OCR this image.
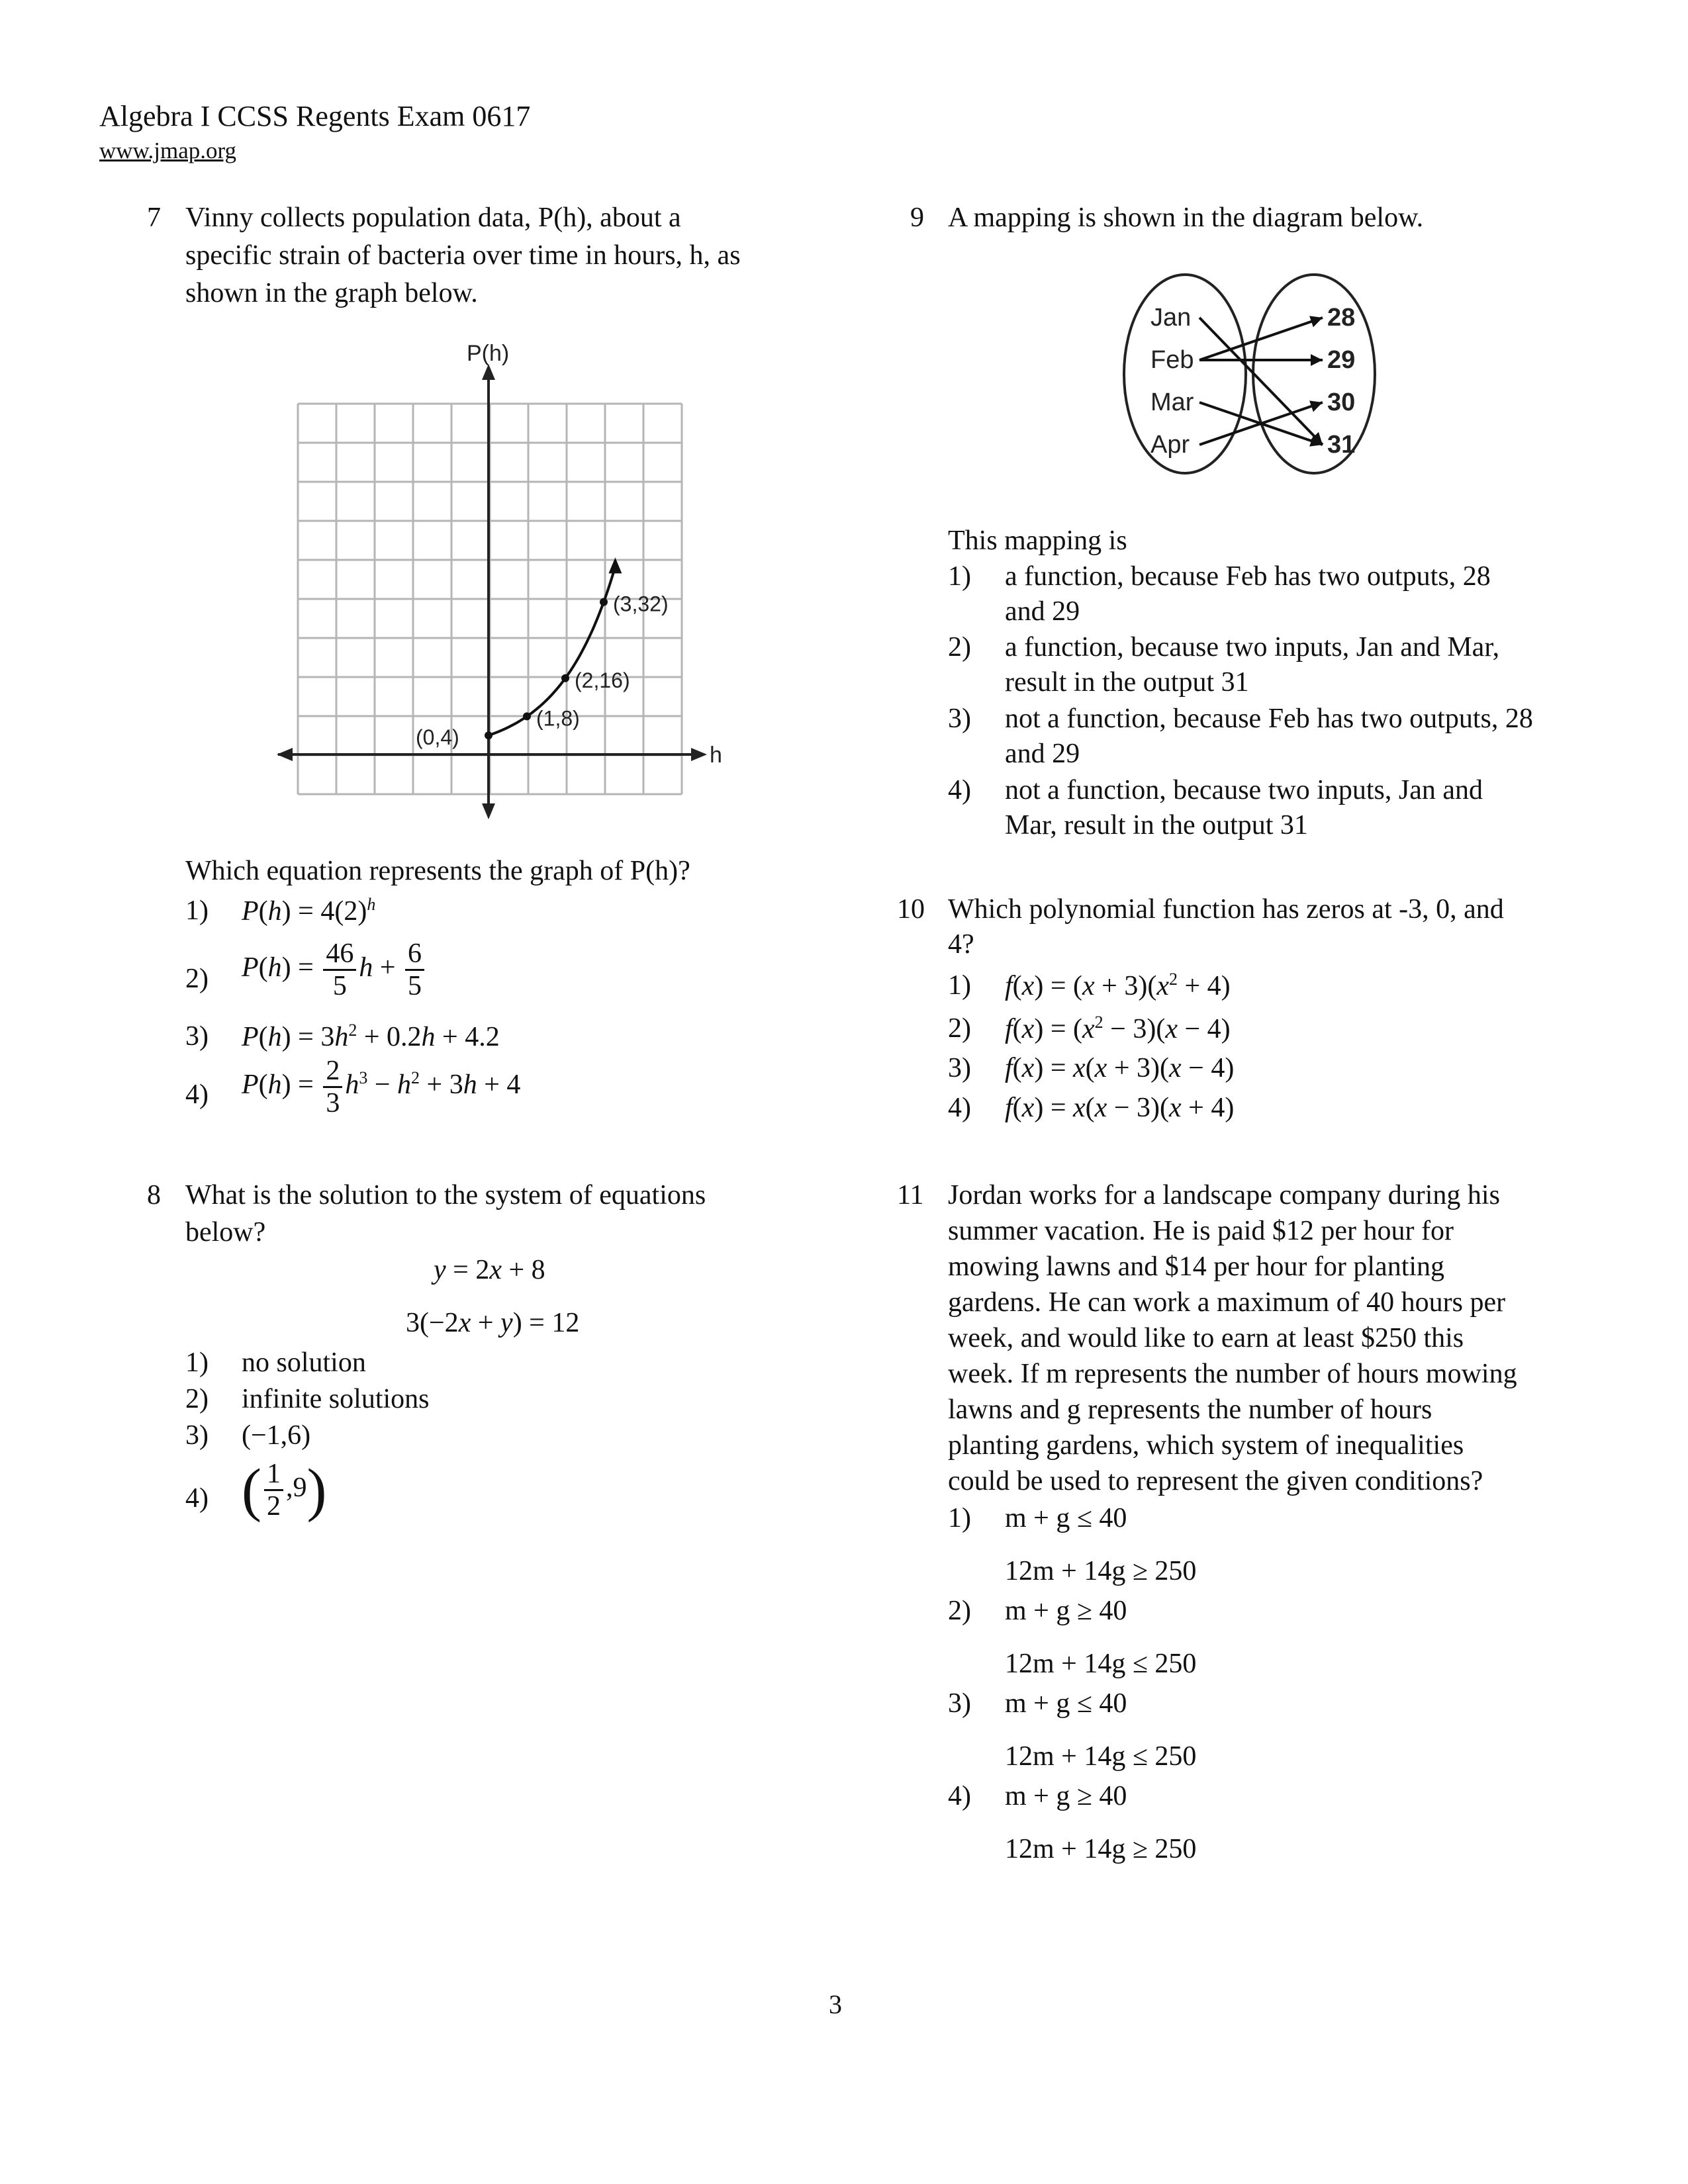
Algebra I CCSS Regents Exam 0617
www.jmap.org
7 Vinny collects population data, P(h), about a
specific strain of bacteria over time in hours, h, as
shown in the graph below.
P(h)
h
(0,4)
(1,8)
(2,16)
(3,32)
Which equation represents the graph of P(h)?
1) $P(h) = 4(2)^h$
2) $P(h) = \frac{46}{5}$ $h + \frac{6}{5}$
3) $P(h) = 3h^2 + 0.2h + 4.2$
4) $P(h) = \frac{2}{3} h^3 - h^2 + 3h + 4$
8 What is the solution to the system of equations
below?
y = 2x + 8
3(−2x + y) = 12
1) no solution
2) infinite solutions
3) (−1,6)
4) ( $\frac{1}{2} ,9$)
9 A mapping is shown in the diagram below.
Jan
Feb
Mar
Apr
28
29
30
31
This mapping is
1) a function, because Feb has two outputs, 28
and 29
2) a function, because two inputs, Jan and Mar,
result in the output 31
3) not a function, because Feb has two outputs, 28
and 29
4) not a function, because two inputs, Jan and
Mar, result in the output 31
10 Which polynomial function has zeros at -3, 0, and
4?
1) $f(x) = (x + 3)(x^2 + 4)$
2) $f(x) = (x^2 - 3)(x - 4)$
3) f(x) = x(x + 3)(x − 4)
4) f(x) = x(x − 3)(x + 4)
11 Jordan works for a landscape company during his
summer vacation. He is paid $12 per hour for
mowing lawns and $14 per hour for planting
gardens. He can work a maximum of 40 hours per
week, and would like to earn at least $250 this
week. If m represents the number of hours mowing
lawns and g represents the number of hours
planting gardens, which system of inequalities
could be used to represent the given conditions?
1) m + g ≤ 40
12m + 14g ≥ 250
2) m + g ≥ 40
12m + 14g ≤ 250
3) m + g ≤ 40
12m + 14g ≤ 250
4) m + g ≥ 40
12m + 14g ≥ 250
3
